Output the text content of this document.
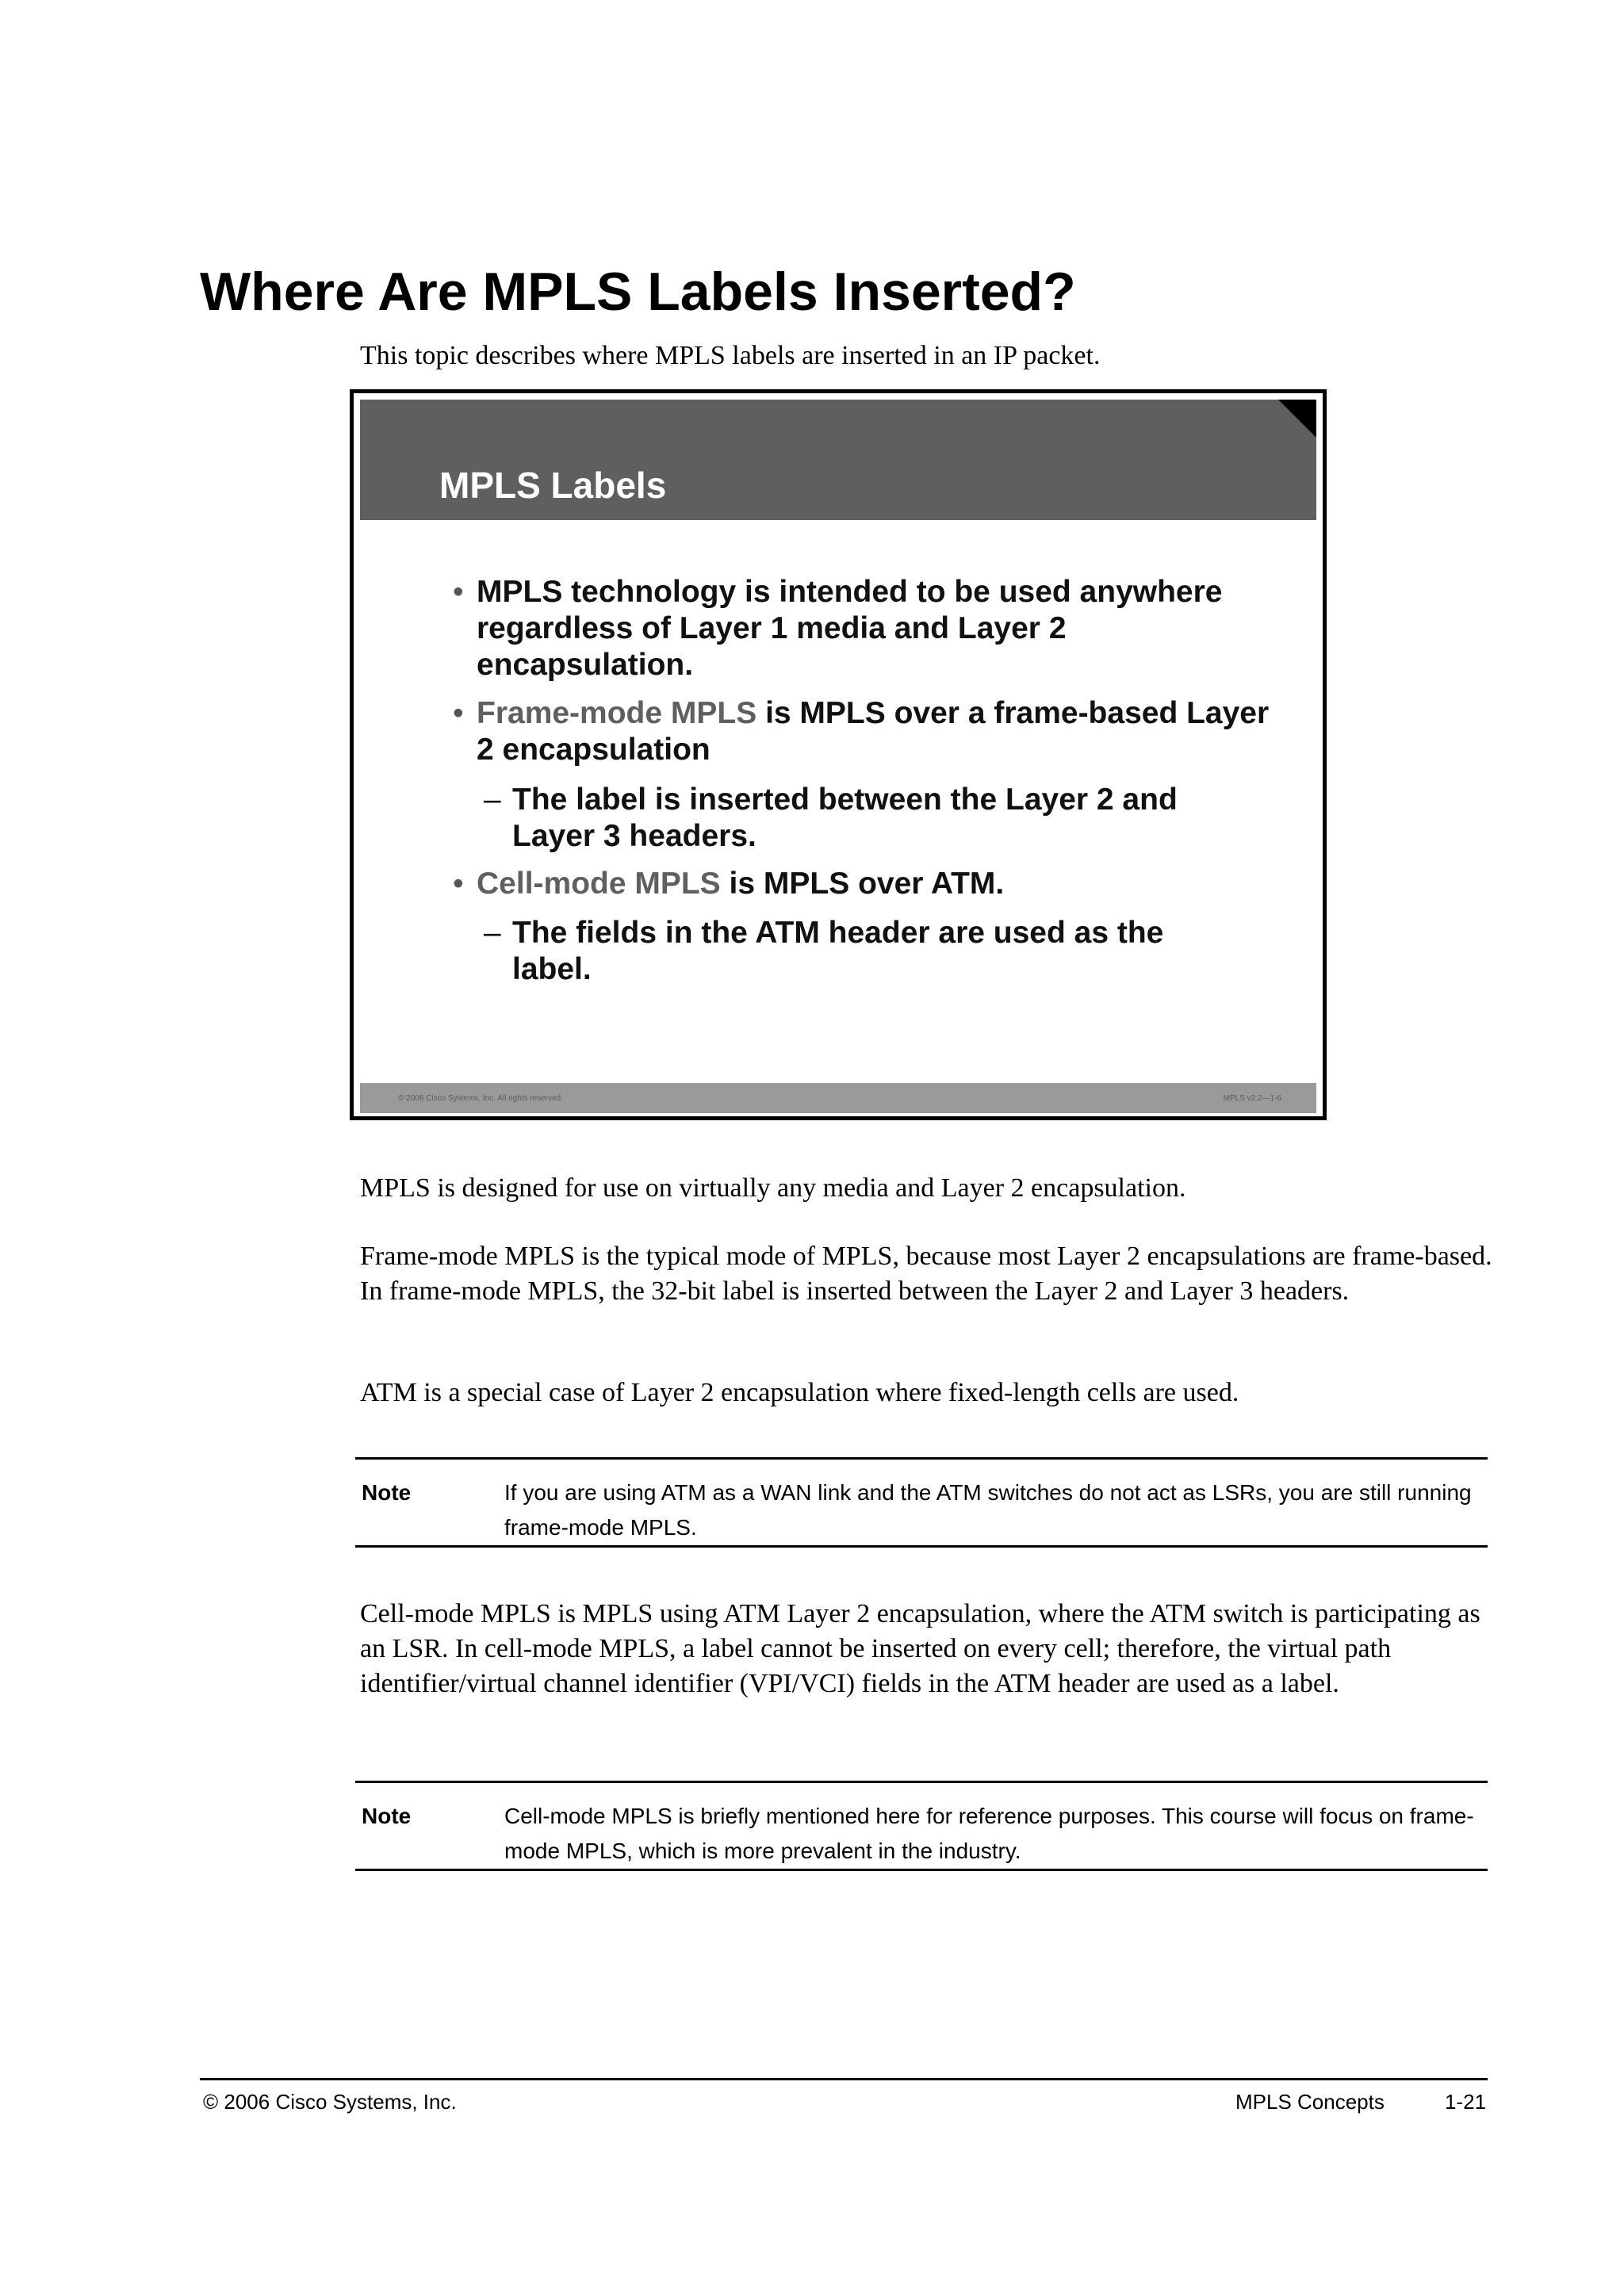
Where Are MPLS Labels Inserted?
This topic describes where MPLS labels are inserted in an IP packet.
MPLS Labels
• MPLS technology is intended to be used anywhere regardless of Layer 1 media and Layer 2 encapsulation.
• Frame-mode MPLS is MPLS over a frame-based Layer 2 encapsulation
– The label is inserted between the Layer 2 and Layer 3 headers.
• Cell-mode MPLS is MPLS over ATM.
– The fields in the ATM header are used as the label.
© 2006 Cisco Systems, Inc. All rights reserved.	MPLS v2.2—1-6

MPLS is designed for use on virtually any media and Layer 2 encapsulation.

Frame-mode MPLS is the typical mode of MPLS, because most Layer 2 encapsulations are frame-based. In frame-mode MPLS, the 32-bit label is inserted between the Layer 2 and Layer 3 headers.

ATM is a special case of Layer 2 encapsulation where fixed-length cells are used.

Note	If you are using ATM as a WAN link and the ATM switches do not act as LSRs, you are still running frame-mode MPLS.

Cell-mode MPLS is MPLS using ATM Layer 2 encapsulation, where the ATM switch is participating as an LSR. In cell-mode MPLS, a label cannot be inserted on every cell; therefore, the virtual path identifier/virtual channel identifier (VPI/VCI) fields in the ATM header are used as a label.

Note	Cell-mode MPLS is briefly mentioned here for reference purposes. This course will focus on frame-mode MPLS, which is more prevalent in the industry.
© 2006 Cisco Systems, Inc.	MPLS Concepts	1-21
